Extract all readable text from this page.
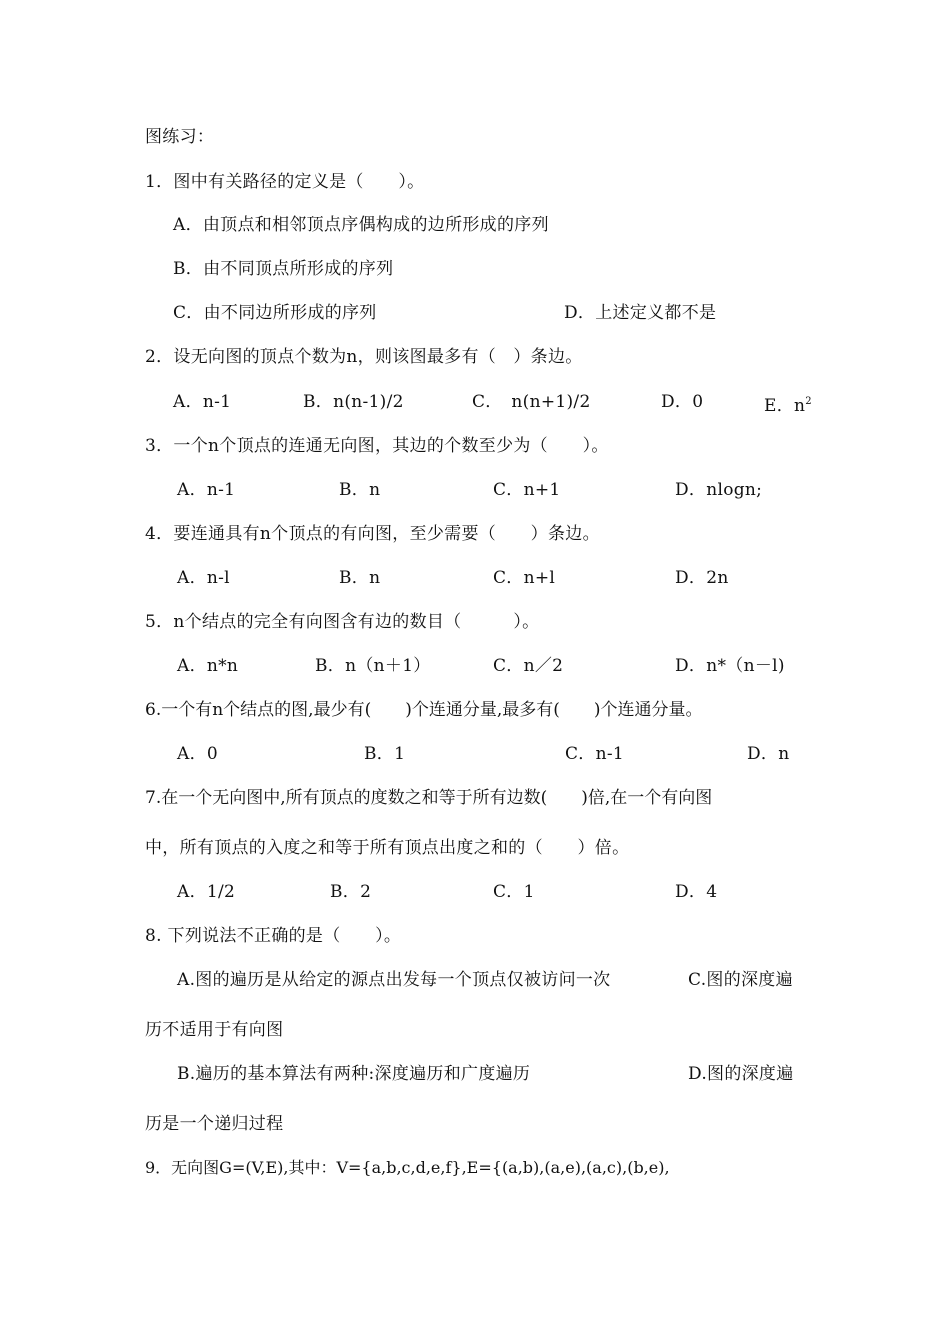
图练习：
1．图中有关路径的定义是（　　）。
A．由顶点和相邻顶点序偶构成的边所形成的序列
B．由不同顶点所形成的序列
C．由不同边所形成的序列	D．上述定义都不是
2．设无向图的顶点个数为n，则该图最多有（　）条边。
A．n-1	B．n(n-1)/2	C．　n(n+1)/2	D．0	E．$n^2$
3．一个n个顶点的连通无向图，其边的个数至少为（　　）。
A．n-1	B．n	C．n+1	D．nlogn;
4．要连通具有n个顶点的有向图，至少需要（　　）条边。
A．n-l	B．n	C．n+l	D．2n
5．n个结点的完全有向图含有边的数目（　　　）。
A．n*n	B．n（n＋1）	C．n／2	D．n*（n－l)
6.一个有n个结点的图,最少有(　　)个连通分量,最多有(　　)个连通分量。
A．0	B．1	C．n-1	D．n
7.在一个无向图中,所有顶点的度数之和等于所有边数(　　)倍,在一个有向图
中，所有顶点的入度之和等于所有顶点出度之和的（　　）倍。
A．1/2	B．2	C．1	D．4
8. 下列说法不正确的是（　　）。
A.图的遍历是从给定的源点出发每一个顶点仅被访问一次	C.图的深度遍
历不适用于有向图
B.遍历的基本算法有两种:深度遍历和广度遍历	D.图的深度遍
历是一个递归过程
9．无向图G=(V,E),其中：V={a,b,c,d,e,f},E={(a,b),(a,e),(a,c),(b,e),
